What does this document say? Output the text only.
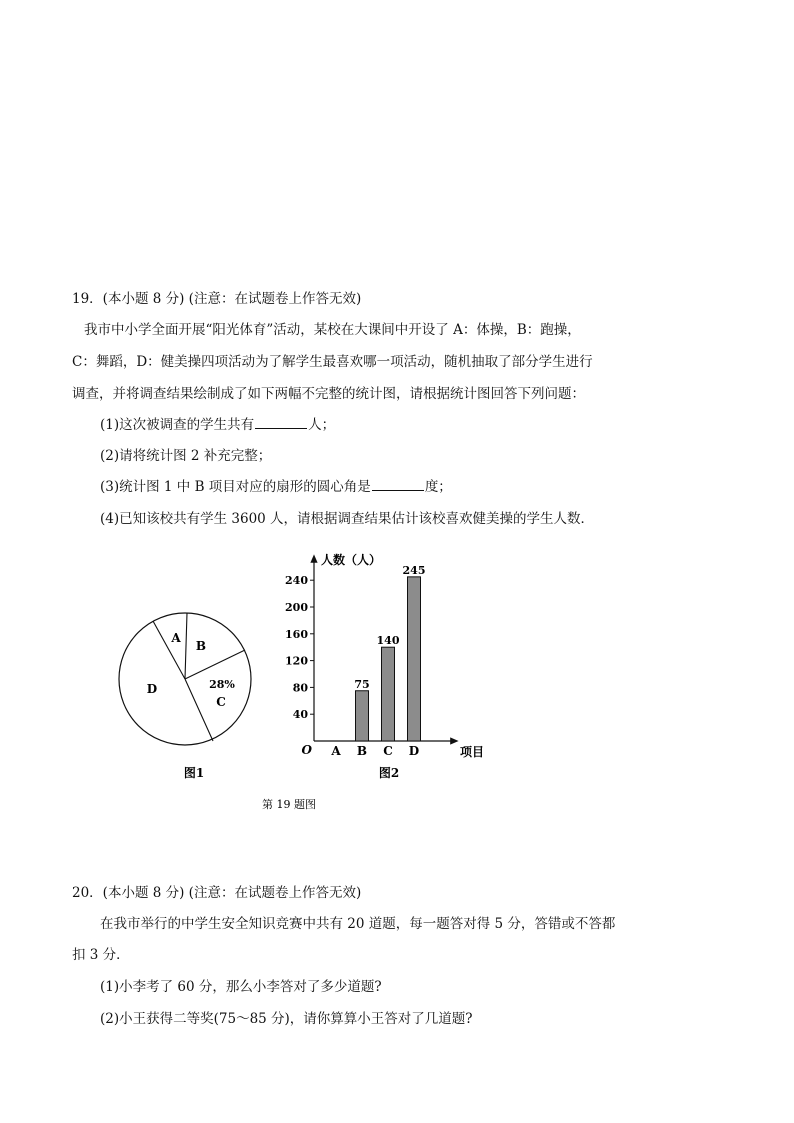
19．(本小题 8 分) (注意：在试题卷上作答无效)
我市中小学全面开展“阳光体育”活动，某校在大课间中开设了 A：体操，B：跑操，
C：舞蹈，D：健美操四项活动为了解学生最喜欢哪一项活动，随机抽取了部分学生进行
调查，并将调查结果绘制成了如下两幅不完整的统计图，请根据统计图回答下列问题：
(1)这次被调查的学生共有	人；
(2)请将统计图 2 补充完整；
(3)统计图 1 中 B 项目对应的扇形的圆心角是	度；
(4)已知该校共有学生 3600 人，请根据调查结果估计该校喜欢健美操的学生人数．
A
B
28%
C
D
图1
人数（人）
项目
O
40
80
120
160
200
240
75
140
245
A B C D
图2
第 19 题图
20．(本小题 8 分) (注意：在试题卷上作答无效)
在我市举行的中学生安全知识竞赛中共有 20 道题，每一题答对得 5 分，答错或不答都
扣 3 分．
(1)小李考了 60 分，那么小李答对了多少道题?
(2)小王获得二等奖(75～85 分)，请你算算小王答对了几道题?
